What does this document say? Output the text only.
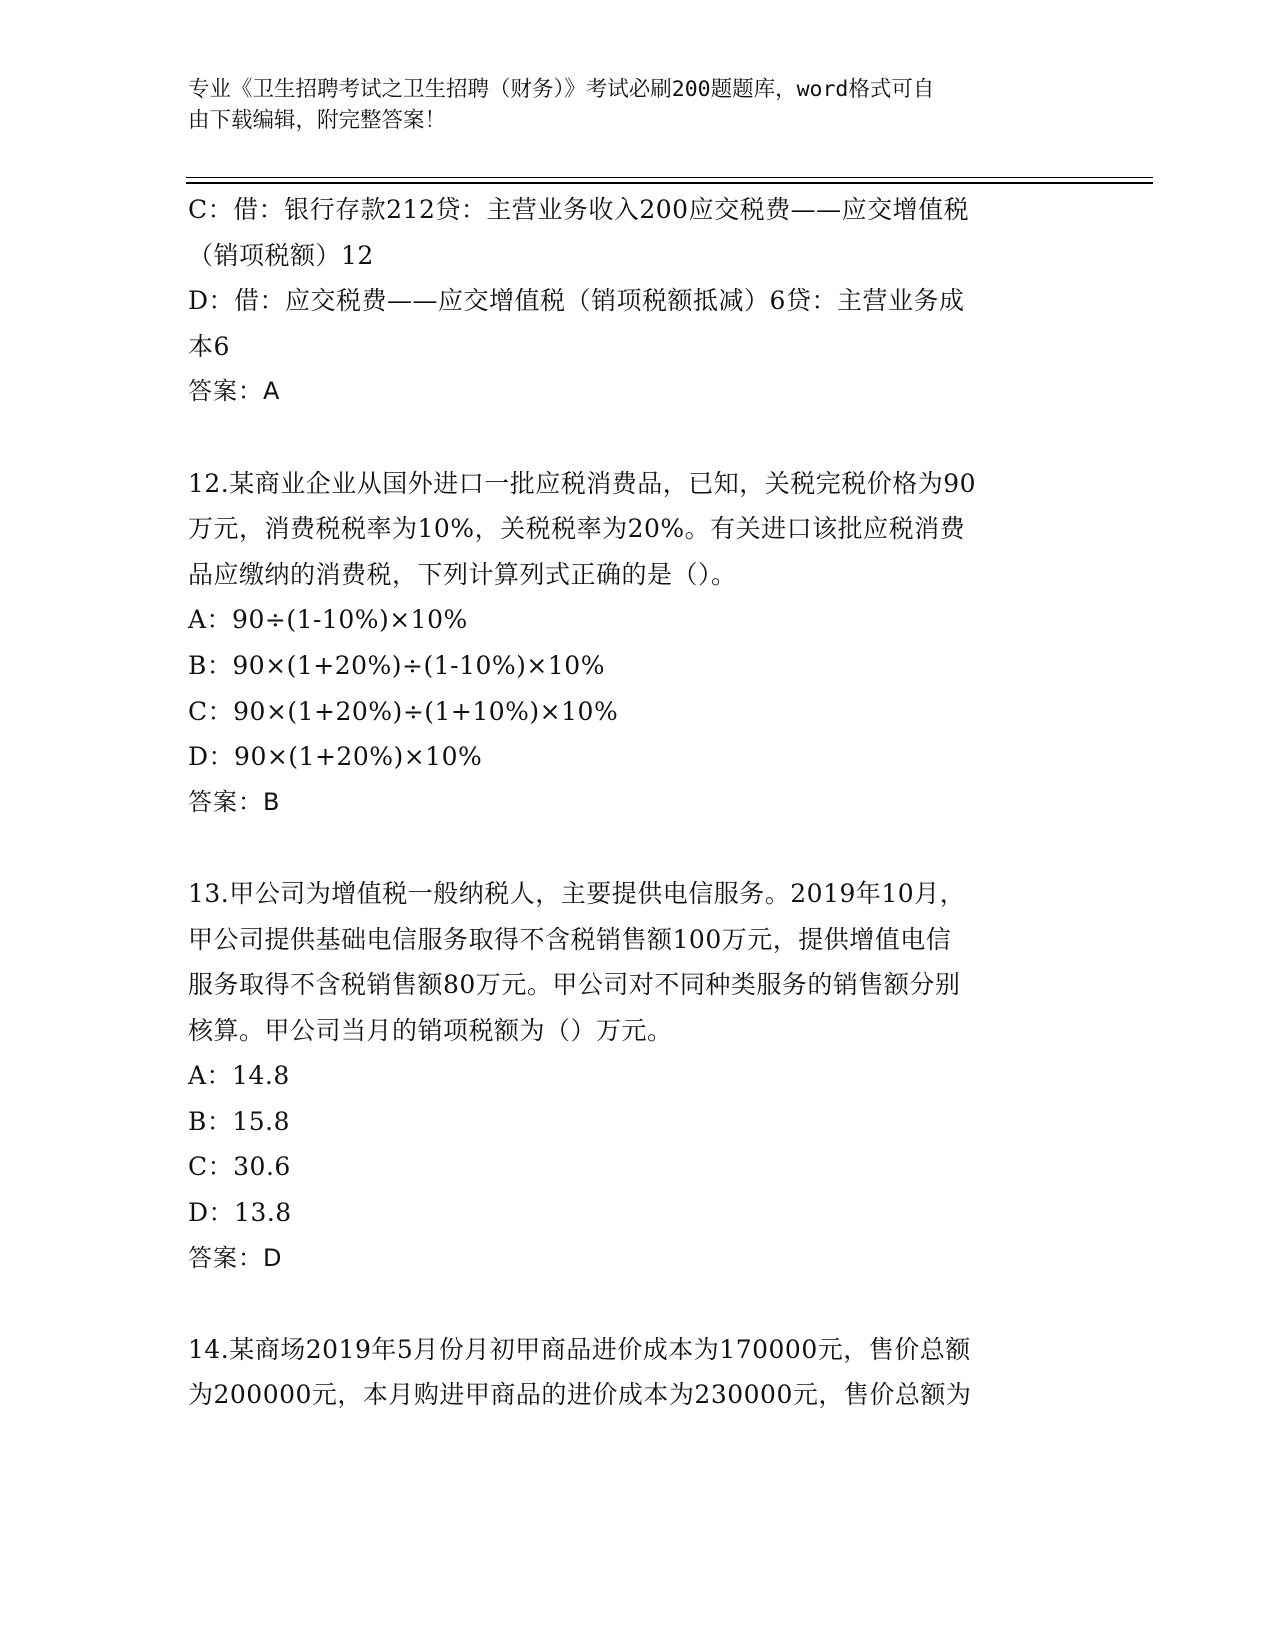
专业《卫生招聘考试之卫生招聘（财务）》考试必刷200题题库，word格式可自
由下载编辑，附完整答案！
C：借：银行存款212贷：主营业务收入200应交税费——应交增值税
（销项税额）12
D：借：应交税费——应交增值税（销项税额抵减）6贷：主营业务成
本6
答案：A
12.某商业企业从国外进口一批应税消费品，已知，关税完税价格为90
万元，消费税税率为10%，关税税率为20%。有关进口该批应税消费
品应缴纳的消费税，下列计算列式正确的是（）。
A：90÷(1-10%)×10%
B：90×(1+20%)÷(1-10%)×10%
C：90×(1+20%)÷(1+10%)×10%
D：90×(1+20%)×10%
答案：B
13.甲公司为增值税一般纳税人，主要提供电信服务。2019年10月，
甲公司提供基础电信服务取得不含税销售额100万元，提供增值电信
服务取得不含税销售额80万元。甲公司对不同种类服务的销售额分别
核算。甲公司当月的销项税额为（）万元。
A：14.8
B：15.8
C：30.6
D：13.8
答案：D
14.某商场2019年5月份月初甲商品进价成本为170000元，售价总额
为200000元，本月购进甲商品的进价成本为230000元，售价总额为
